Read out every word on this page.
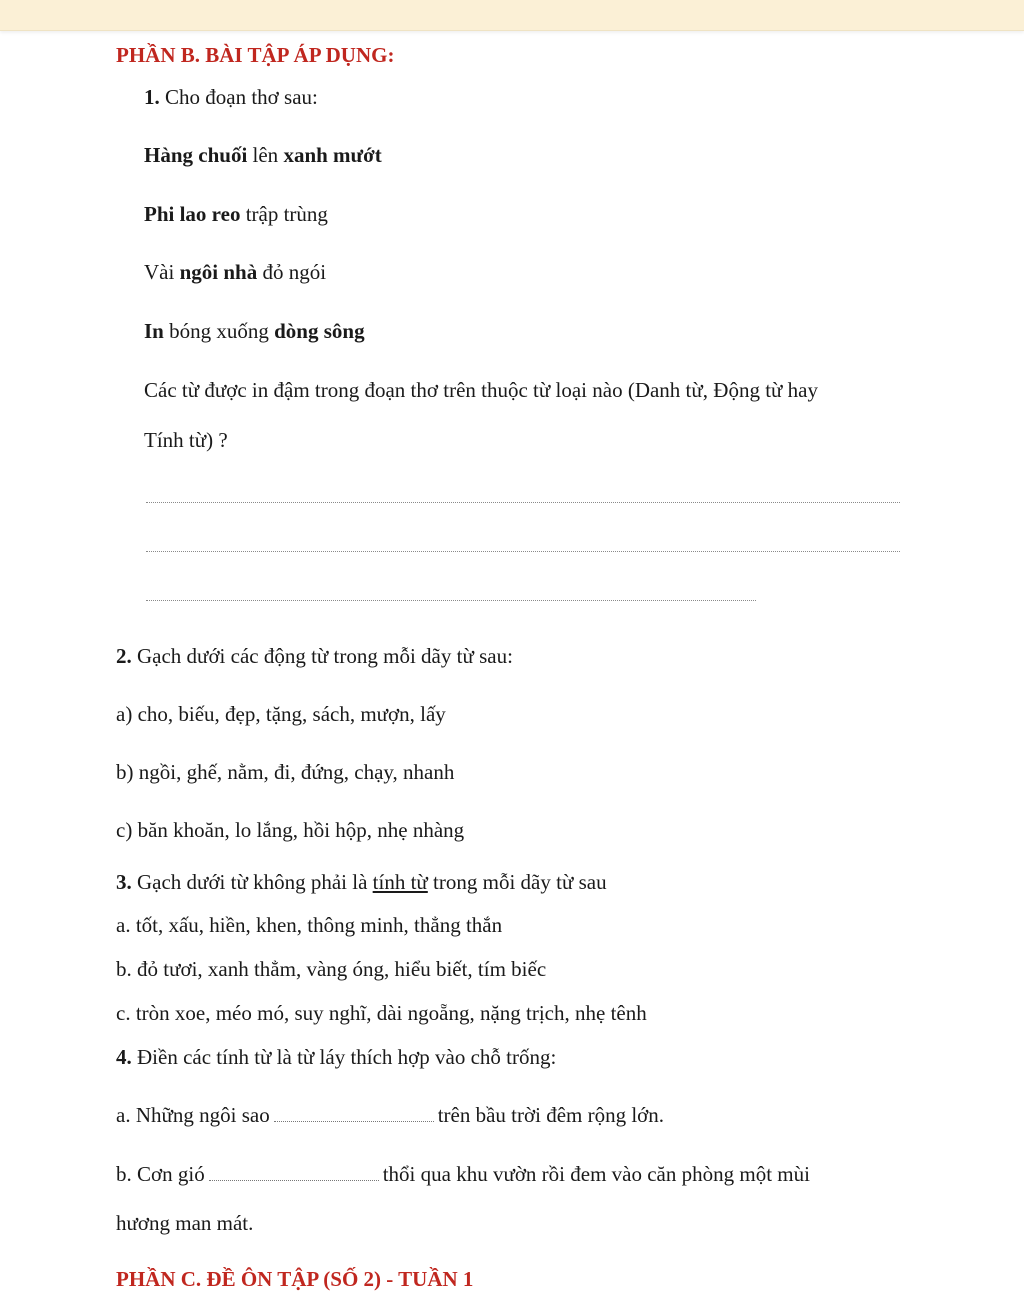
PHẦN B. BÀI TẬP ÁP DỤNG:
1. Cho đoạn thơ sau:
Hàng chuối lên xanh mướt
Phi lao reo trập trùng
Vài ngôi nhà đỏ ngói
In bóng xuống dòng sông
Các từ được in đậm trong đoạn thơ trên thuộc từ loại nào (Danh từ, Động từ hay
Tính từ) ?
2. Gạch dưới các động từ trong mỗi dãy từ sau:
a) cho, biếu, đẹp, tặng, sách, mượn, lấy
b) ngồi, ghế, nằm, đi, đứng, chạy, nhanh
c) băn khoăn, lo lắng, hồi hộp, nhẹ nhàng
3. Gạch dưới từ không phải là tính từ trong mỗi dãy từ sau
a. tốt, xấu, hiền, khen, thông minh, thẳng thắn
b. đỏ tươi, xanh thẳm, vàng óng, hiểu biết, tím biếc
c. tròn xoe, méo mó, suy nghĩ, dài ngoẵng, nặng trịch, nhẹ tênh
4. Điền các tính từ là từ láy thích hợp vào chỗ trống:
a. Những ngôi sao	trên bầu trời đêm rộng lớn.
b. Cơn gió	thổi qua khu vườn rồi đem vào căn phòng một mùi
hương man mát.
PHẦN C. ĐỀ ÔN TẬP (SỐ 2) - TUẦN 1
